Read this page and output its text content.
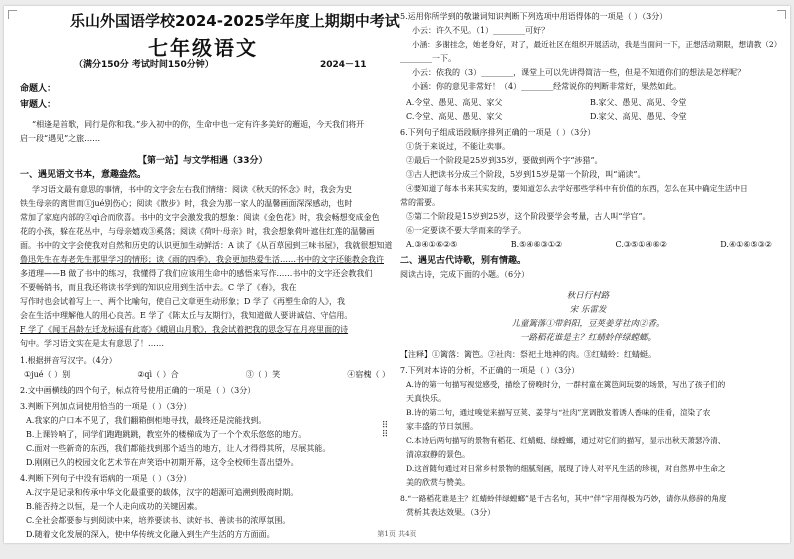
乐山外国语学校2024-2025学年度上期期中考试
七年级语文
（满分150分 考试时间150分钟）	2024－11
命题人：
审题人：
“相逢是首歌，同行是你和我。”步入初中的你，生命中也一定有许多美好的邂逅，今天我们将开
启一段“遇见”之旅……
【第一站】与文学相遇（33分）
一、遇见语文书本，意趣盎然。
学习语文最有意思的事情，书中的文字会左右我们情绪：阅读《秋天的怀念》时，我会为史
铁生母亲的离世而①jué别伤心；阅读《散步》时，我会为那一家人的温馨画面深深感动，也时
常加了家庭内部的②qì合而欣喜。书中的文字会激发我的想象：阅读《金色花》时，我会畅想变成金色
花的小孩，躲在花丛中，与母亲嬉戏③奚落；阅读《荷叶·母亲》时，我会想象荷叶遮住红莲的温馨画
面。书中的文字会使我对自然和历史的认识更加生动鲜活：A 读了《从百草园到三味书屋》，我就很想知道
鲁迅先生在寿老先生那里学习的情形；读《雨的四季》，我会更加热爱生活……书中的文字还能教会我许
多道理——B 做了书中的练习，我懂得了我们应该用生命中的感悟来写作……书中的文字还会教我们
不要畅销书，而且我还将读书学到的知识应用到生活中去。C 学了《春》，我在
写作时也会试着写上一、两个比喻句，使自己文章更生动形象；D 学了《再塑生命的人》，我
会在生活中理解他人的用心良苦。E 学了《陈太丘与友期行》，我知道做人要讲诚信、守信用。
F 学了《闻王昌龄左迁龙标遥有此寄》《峨眉山月歌》，我会试着把我的思念写在月亮里面的诗
句中。学习语文实在是太有意思了！……
1.根据拼音写汉字。（4分）
①jué（ ）别	②qì（ ）合	③（ ）笑	④宿槐（ ）
2.文中画横线的四个句子，标点符号使用正确的一项是（ ）（3分）
3.判断下列加点词使用恰当的一项是（ ）（3分）
A.我家的户口本不见了，我们翻箱倒柜地寻找，最终还是浣能找到。
B.上课铃响了，同学们跑跑跳跳，教室外的楼梯成为了一个个欢乐悠悠的地方。
C.面对一些新奇的东西，我们都能找到那个适当的地方，让人才得得其所，尽展其能。
D.刚刚已久的校园文化艺术节在声笑语中初期开幕，这令全校师生喜出望外。
4.判断下列句子中没有语病的一项是（ ）（3分）
A.汉字是记录和传承中华文化最重要的载体，汉字的超源可追溯到殷商时期。
B.能否持之以恒，是一个人走向成功的关键因素。
C.全社会都要参与到阅读中来，培养要读书、读好书、善读书的浓厚氛围。
D.随着文化发展的深入，使中华传统文化融入到生产生活的方方面面。
⠿
⠿
5.运用你所学到的敬谦词知识判断下列选项中用语得体的一项是（ ）（3分）
小云：许久不见。（1）________可好？
小涵：多谢挂念，她老身好，对了，最近社区在组织开展活动，我是当面问一下，正想活动期限，想请教（2）
________一下。
小云：依我的（3）________，课堂上可以先讲得简洁一些，但是不知道你们的想法是怎样呢？
小涵：你的意见非常好！（4）________经常说你的判断非常好，果然如此。
A.令堂、愚见、高见、家父	B.家父、愚见、高见、令堂
C.令堂、高见、愚见、家父	D.家父、高见、愚见、令堂
6.下列句子组成语段顺序排列正确的一项是（ ）（3分）
①货于来说过，不能让卖事。
②最后一个阶段是25岁到35岁，要做到两个字“涉猎”。
③古人把读书分成三个阶段，5岁到15岁是第一个阶段，叫“诵读”。
④要知道了每本书来其实发的，要知道怎么去学好那些学科中有价值的东西，怎么在其中确定生活中日
常的需要。
⑤第二个阶段是15岁到25岁，这个阶段要学会考量，古人叫“学官”。
⑥一定要读不要大学而来的学子。
A.③④①⑥②⑤	B.⑤④⑥③①②	C.③⑤①④⑥②	D.④①⑥⑤③②
二、遇见古代诗歌，别有情趣。
阅读古诗，完成下面的小题。（6分）
秋日行村路
宋 乐雷发
儿童篱落①带斜阳，豆荚姜芽社肉②香。
一路稻花谁是主？红蜻蛉伴绿螳螂。
【注释】①篱落：篱笆。②社肉：祭祀土地神的肉。③红蜻蛉：红蜻蜓。
7.下列对本诗的分析，不正确的一项是（ ）（3分）
A.诗的第一句描写视觉感受，描绘了傍晚时分，一群村童在篱笆间玩耍的场景，写出了孩子们的
天真快乐。
B.诗的第二句，通过嗅觉来描写豆荚、姜芽与“社肉”烹调散发着诱人香味的佳肴，渲染了农
家丰盛的节日氛围。
C.本诗后两句描写的景物有稻花、红蜻蜓、绿螳螂，通过对它们的描写，显示出秋天萧瑟冷清、
清凉寂静的景色。
D.这首随句通过对日常乡村景物的细腻刻画，展现了诗人对平凡生活的珍视，对自然界中生命之
美的欣赏与赞美。
8.“一路稻花谁是主？红蜻蛉伴绿螳螂”是千古名句，其中“伴”字用得极为巧妙，请你从修辞的角度
赏析其表达效果。（3分）
第1页 共4页
